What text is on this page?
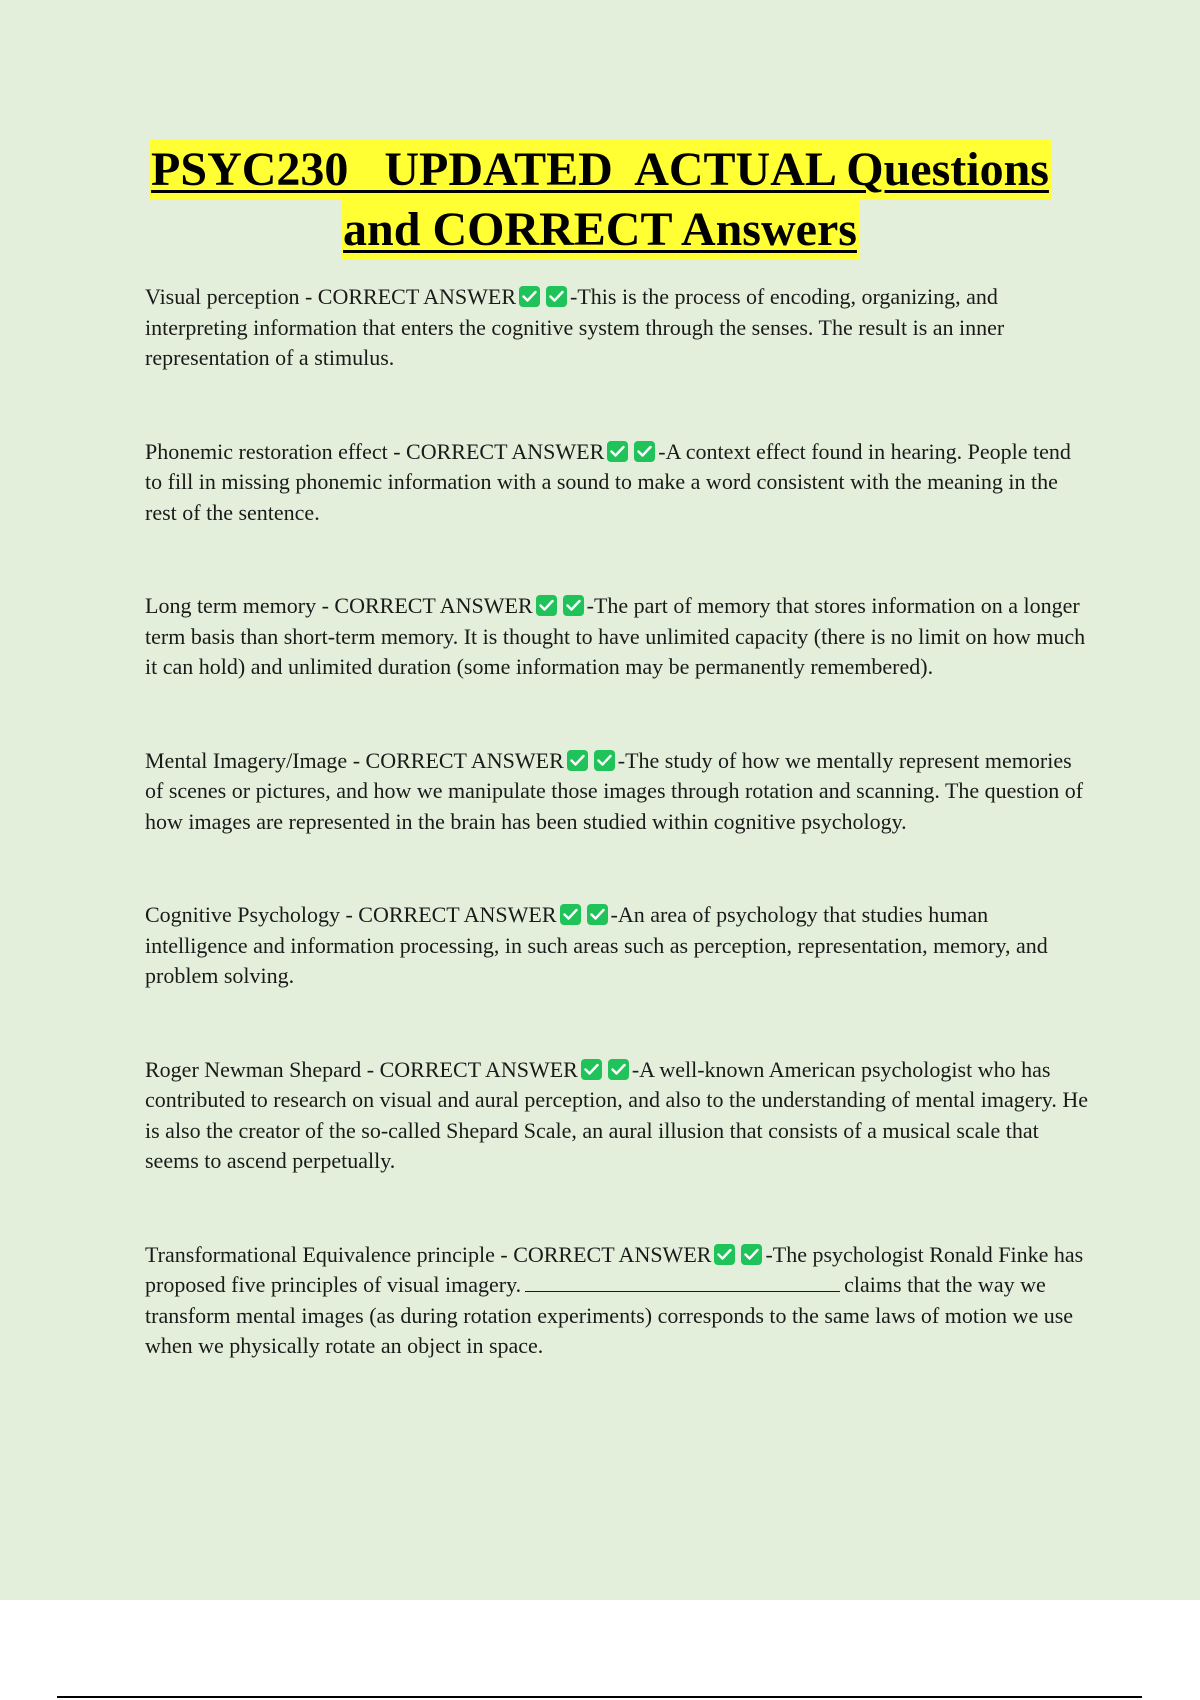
PSYC230   UPDATED  ACTUAL Questions
and CORRECT Answers

Visual perception - CORRECT ANSWER -This is the process of encoding, organizing, and interpreting information that enters the cognitive system through the senses. The result is an inner representation of a stimulus.

Phonemic restoration effect - CORRECT ANSWER -A context effect found in hearing. People tend to fill in missing phonemic information with a sound to make a word consistent with the meaning in the rest of the sentence.

Long term memory - CORRECT ANSWER -The part of memory that stores information on a longer term basis than short-term memory. It is thought to have unlimited capacity (there is no limit on how much it can hold) and unlimited duration (some information may be permanently remembered).

Mental Imagery/Image - CORRECT ANSWER -The study of how we mentally represent memories of scenes or pictures, and how we manipulate those images through rotation and scanning. The question of how images are represented in the brain has been studied within cognitive psychology.

Cognitive Psychology - CORRECT ANSWER -An area of psychology that studies human intelligence and information processing, in such areas such as perception, representation, memory, and problem solving.

Roger Newman Shepard - CORRECT ANSWER -A well-known American psychologist who has contributed to research on visual and aural perception, and also to the understanding of mental imagery. He is also the creator of the so-called Shepard Scale, an aural illusion that consists of a musical scale that seems to ascend perpetually.

Transformational Equivalence principle - CORRECT ANSWER -The psychologist Ronald Finke has proposed five principles of visual imagery.	claims that the way we transform mental images (as during rotation experiments) corresponds to the same laws of motion we use when we physically rotate an object in space.
